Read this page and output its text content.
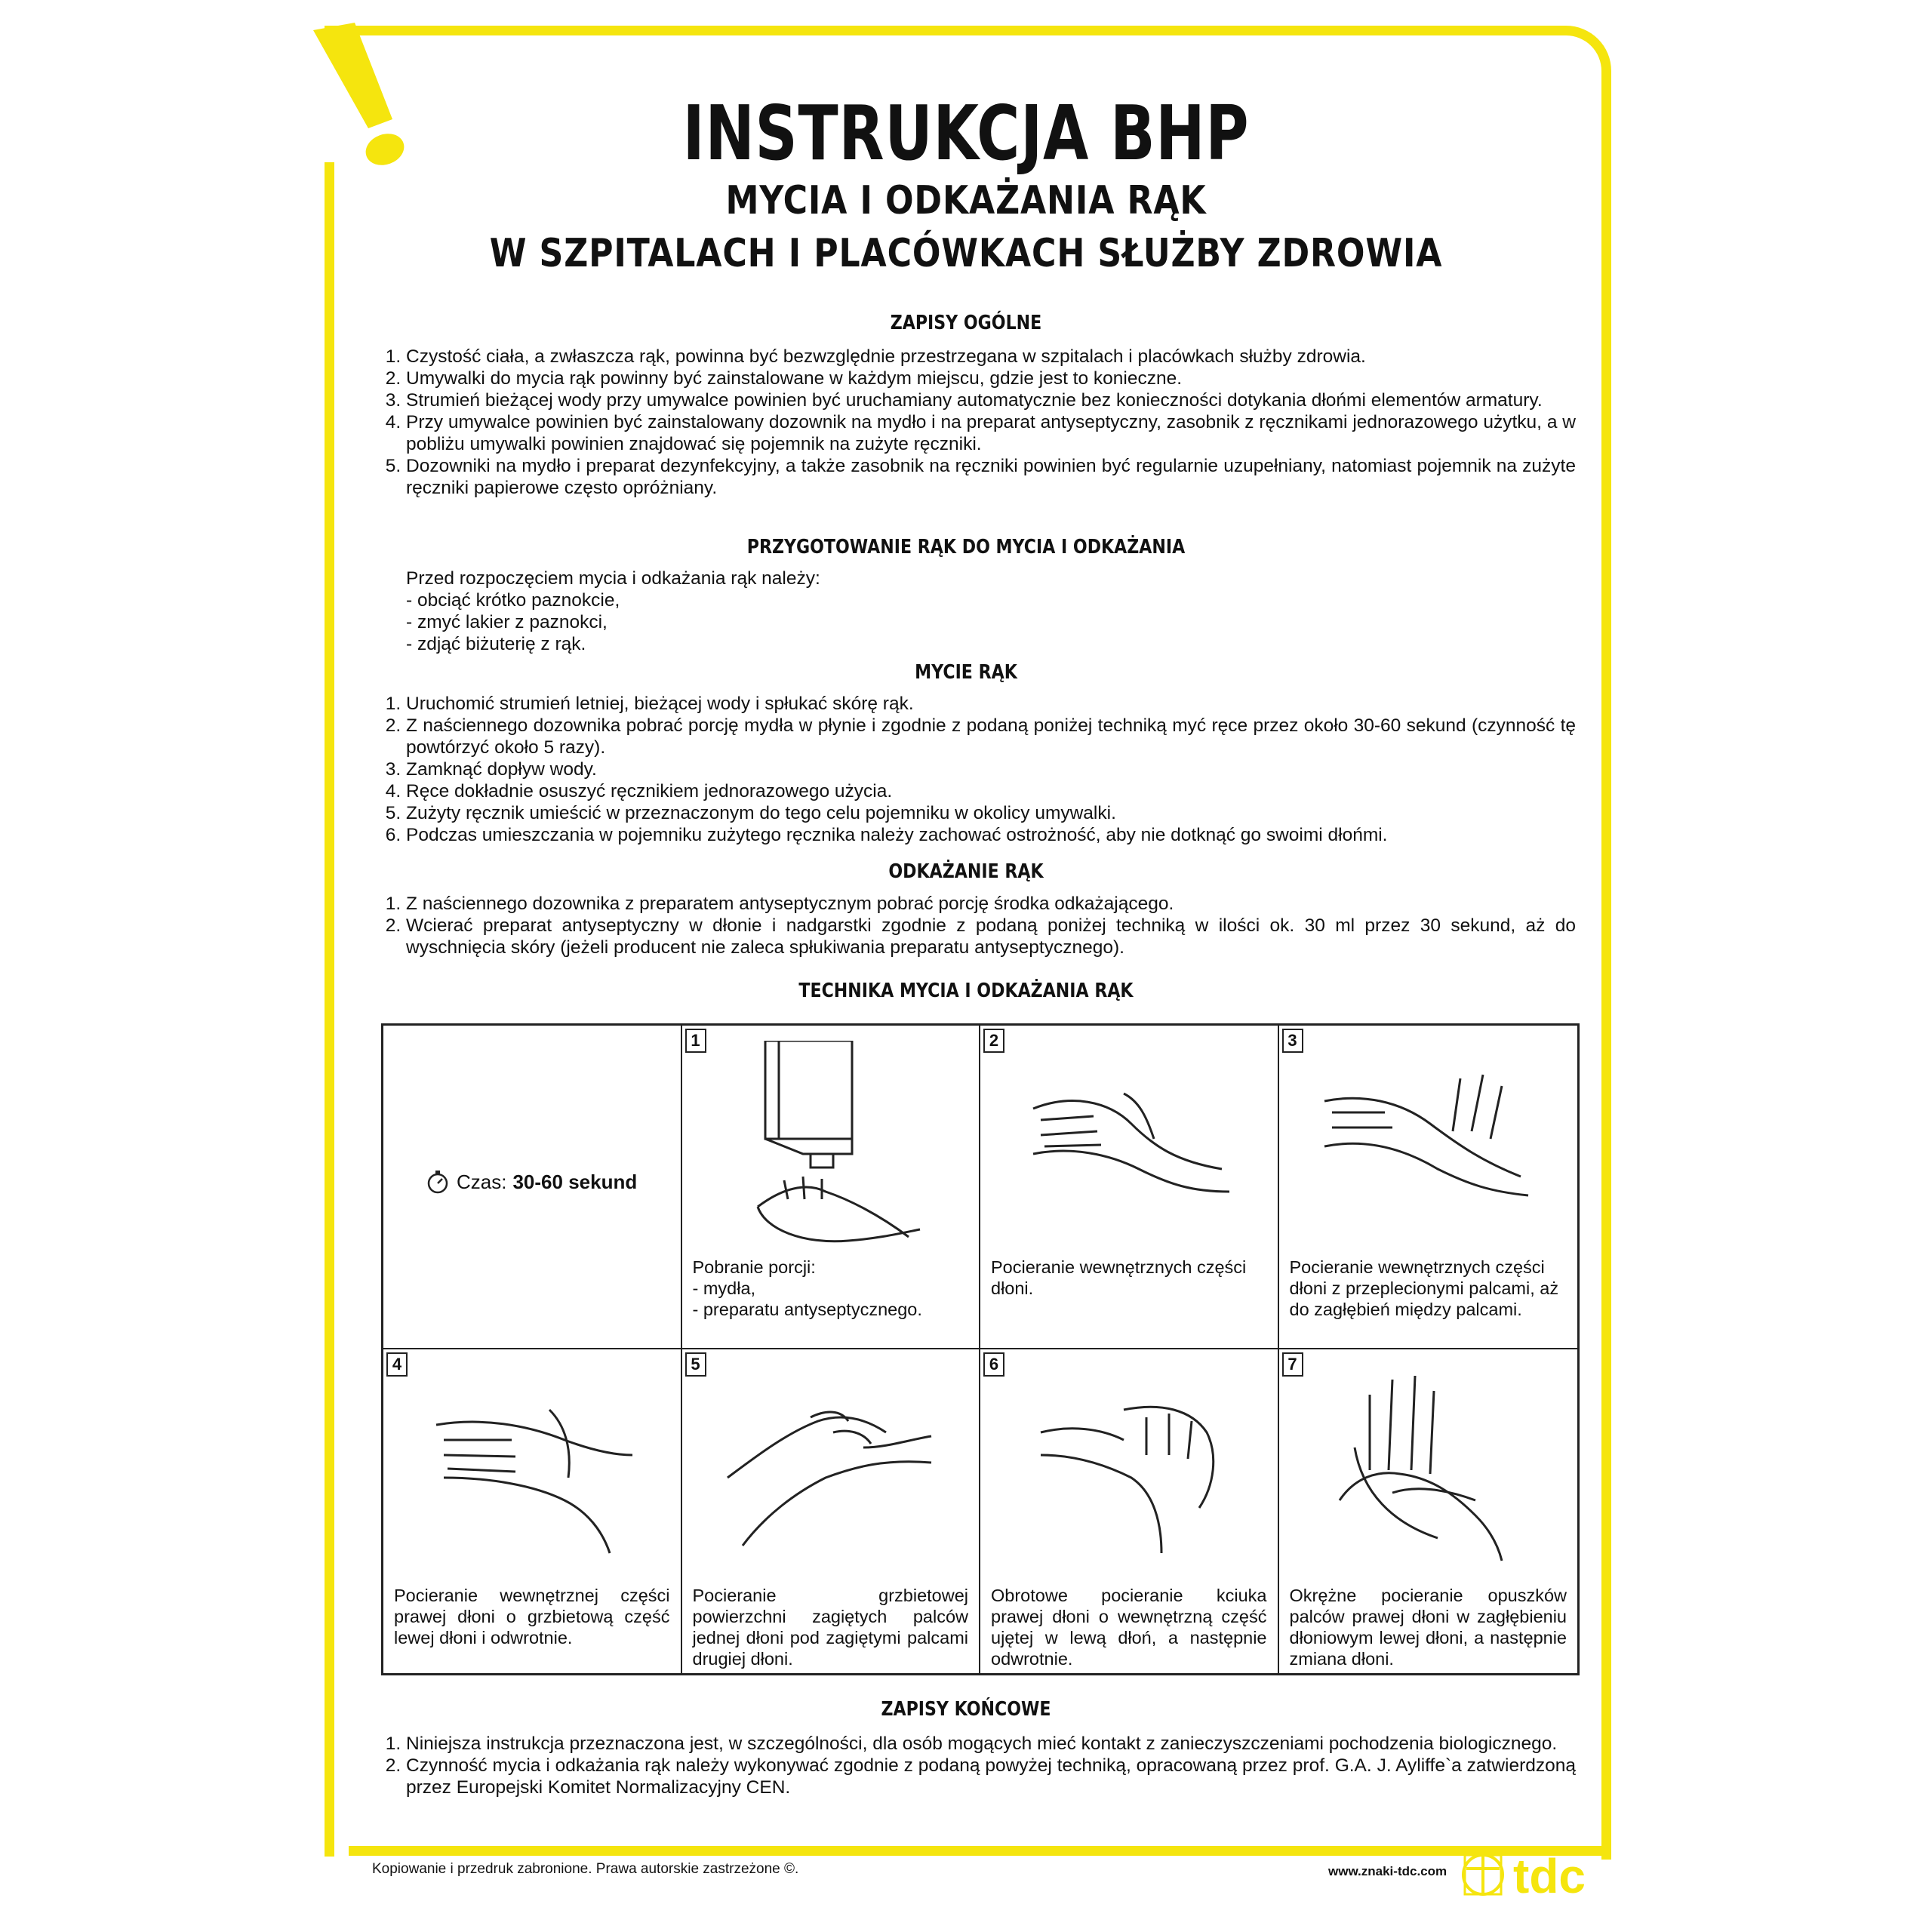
INSTRUKCJA BHP
MYCIA I ODKAŻANIA RĄK
W SZPITALACH I PLACÓWKACH SŁUŻBY ZDROWIA
ZAPISY OGÓLNE
1. Czystość ciała, a zwłaszcza rąk, powinna być bezwzględnie przestrzegana w szpitalach i placówkach służby zdrowia.
2. Umywalki do mycia rąk powinny być zainstalowane w każdym miejscu, gdzie jest to konieczne.
3. Strumień bieżącej wody przy umywalce powinien być uruchamiany automatycznie bez konieczności dotykania dłońmi elementów armatury.
4. Przy umywalce powinien być zainstalowany dozownik na mydło i na preparat antyseptyczny, zasobnik z ręcznikami jednorazowego użytku, a w pobliżu umywalki powinien znajdować się pojemnik na zużyte ręczniki.
5. Dozowniki na mydło i preparat dezynfekcyjny, a także zasobnik na ręczniki powinien być regularnie uzupełniany, natomiast pojemnik na zużyte ręczniki papierowe często opróżniany.
PRZYGOTOWANIE RĄK DO MYCIA I ODKAŻANIA
Przed rozpoczęciem mycia i odkażania rąk należy:
- obciąć krótko paznokcie,
- zmyć lakier z paznokci,
- zdjąć biżuterię z rąk.
MYCIE RĄK
1. Uruchomić strumień letniej, bieżącej wody i spłukać skórę rąk.
2. Z naściennego dozownika pobrać porcję mydła w płynie i zgodnie z podaną poniżej techniką myć ręce przez około 30-60 sekund (czynność tę powtórzyć około 5 razy).
3. Zamknąć dopływ wody.
4. Ręce dokładnie osuszyć ręcznikiem jednorazowego użycia.
5. Zużyty ręcznik umieścić w przeznaczonym do tego celu pojemniku w okolicy umywalki.
6. Podczas umieszczania w pojemniku zużytego ręcznika należy zachować ostrożność, aby nie dotknąć go swoimi dłońmi.
ODKAŻANIE RĄK
1. Z naściennego dozownika z preparatem antyseptycznym pobrać porcję środka odkażającego.
2. Wcierać preparat antyseptyczny w dłonie i nadgarstki zgodnie z podaną poniżej techniką w ilości ok. 30 ml przez 30 sekund, aż do wyschnięcia skóry (jeżeli producent nie zaleca spłukiwania preparatu antyseptycznego).
TECHNIKA MYCIA I ODKAŻANIA RĄK
Czas: 30-60 sekund
1
Pobranie porcji:
- mydła,
- preparatu antyseptycznego.
2
Pocieranie wewnętrznych części dłoni.
3
Pocieranie wewnętrznych części dłoni z przeplecionymi palcami, aż do zagłębień między palcami.
4
Pocieranie wewnętrznej części prawej dłoni o grzbietową część lewej dłoni i odwrotnie.
5
Pocieranie grzbietowej powierzchni zagiętych palców jednej dłoni pod zagiętymi palcami drugiej dłoni.
6
Obrotowe pocieranie kciuka prawej dłoni o wewnętrzną część ujętej w lewą dłoń, a następnie odwrotnie.
7
Okrężne pocieranie opuszków palców prawej dłoni w zagłębieniu dłoniowym lewej dłoni, a następnie zmiana dłoni.
ZAPISY KOŃCOWE
1. Niniejsza instrukcja przeznaczona jest, w szczególności, dla osób mogących mieć kontakt z zanieczyszczeniami pochodzenia biologicznego.
2. Czynność mycia i odkażania rąk należy wykonywać zgodnie z podaną powyżej techniką, opracowaną przez prof. G.A. J. Ayliffe`a zatwierdzoną przez Europejski Komitet Normalizacyjny CEN.
Kopiowanie i przedruk zabronione. Prawa autorskie zastrzeżone ©.	www.znaki-tdc.com tdc
